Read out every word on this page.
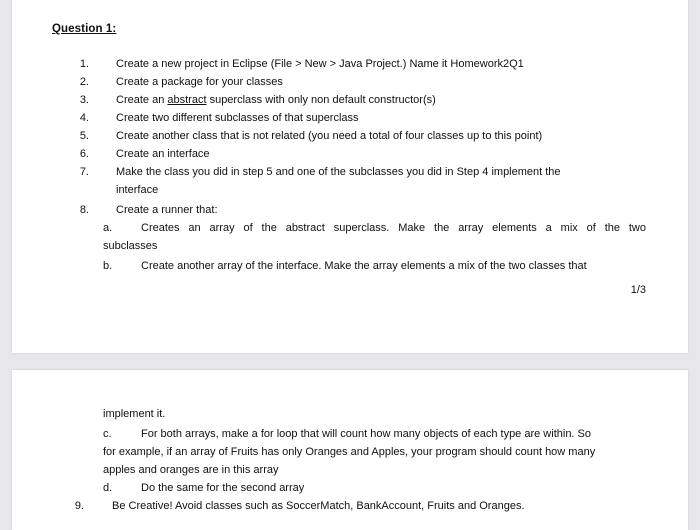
Question 1:
1. Create a new project in Eclipse (File > New > Java Project.) Name it Homework2Q1
2. Create a package for your classes
3. Create an abstract superclass with only non default constructor(s)
4. Create two different subclasses of that superclass
5. Create another class that is not related (you need a total of four classes up to this point)
6. Create an interface
7. Make the class you did in step 5 and one of the subclasses you did in Step 4 implement the
interface
8. Create a runner that:
a.	Creates an array of the abstract superclass. Make the array elements a mix of the two
subclasses
b.	Create another array of the interface. Make the array elements a mix of the two classes that
1/3
implement it.
c.	For both arrays, make a for loop that will count how many objects of each type are within. So
for example, if an array of Fruits has only Oranges and Apples, your program should count how many
apples and oranges are in this array
d.	Do the same for the second array
9.	Be Creative! Avoid classes such as SoccerMatch, BankAccount, Fruits and Oranges.
